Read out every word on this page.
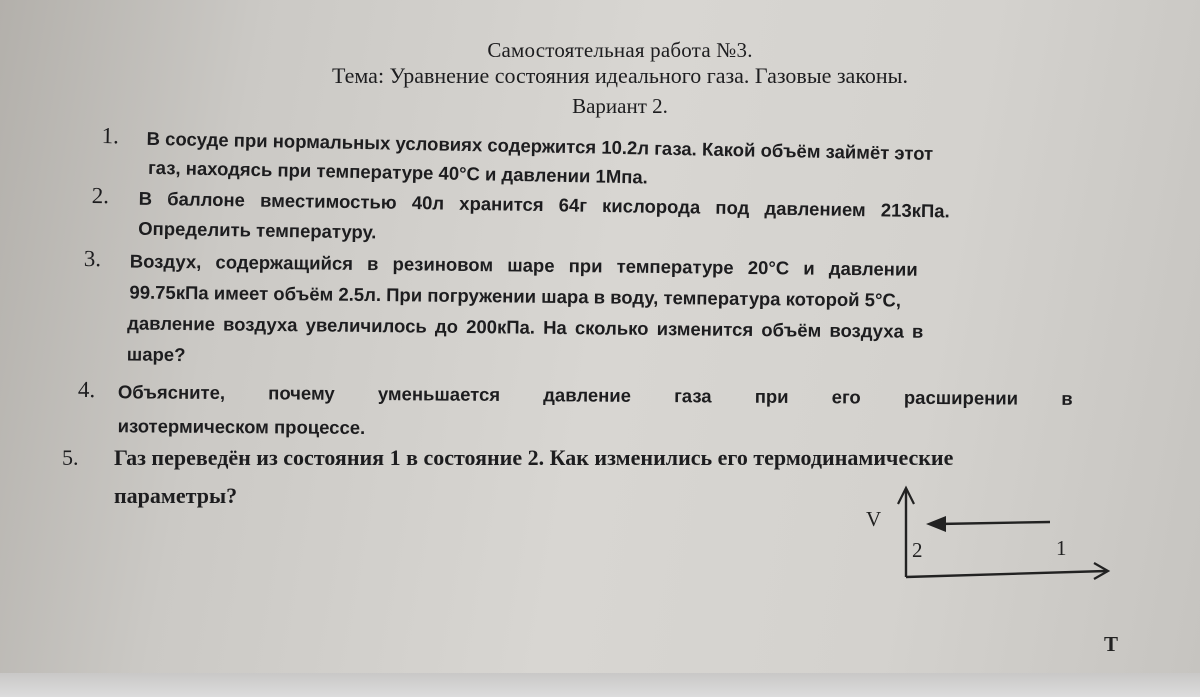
Самостоятельная работа №3.
Тема: Уравнение состояния идеального газа. Газовые законы.
Вариант 2.
1. В сосуде при нормальных условиях содержится 10.2л газа. Какой объём займёт этот
газ, находясь при температуре 40°С и давлении 1Мпа.
2. В баллоне вместимостью 40л хранится 64г кислорода под давлением 213кПа.
Определить температуру.
3. Воздух, содержащийся в резиновом шаре при температуре 20°С и давлении
99.75кПа имеет объём 2.5л. При погружении шара в воду, температура которой 5°С,
давление воздуха увеличилось до 200кПа. На сколько изменится объём воздуха в
шаре?
4. Объясните, почему уменьшается давление газа при его расширении в
изотермическом процессе.
5. Газ переведён из состояния 1 в состояние 2. Как изменились его термодинамические
параметры?
V
2	1
T
